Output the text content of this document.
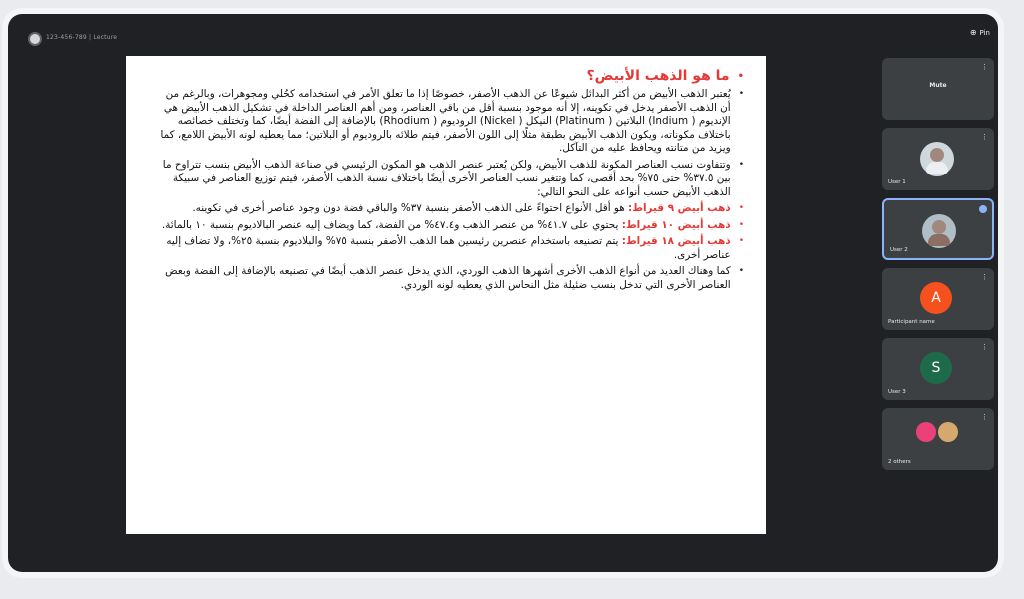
123-456-789 | Lecture
⊕ Pin
•
ما هو الذهب الأبيض؟
•
يُعتبر الذهب الأبيض من أكثر البدائل شيوعًا عن الذهب الأصفر، خصوصًا إذا ما تعلق الأمر في استخدامه كحُلي ومجوهرات، وبالرغم من أن الذهب الأصفر يدخل في تكوينه، إلا أنه موجود بنسبة أقل من باقي العناصر، ومن أهم العناصر الداخلة في تشكيل الذهب الأبيض هي الإنديوم ( Indium) البلاتين ( Platinum) النيكل ( Nickel) الروديوم ( Rhodium) بالإضافة إلى الفضة أيضًا، كما وتختلف خصائصه باختلاف مكوناته، ويكون الذهب الأبيض بطبقة مثلًا إلى اللون الأصفر، فيتم طلائه بالروديوم أو البلاتين؛ مما يعطيه لونه الأبيض اللامع، كما ويزيد من متانته ويحافظ عليه من التآكل.
•
وتتفاوت نسب العناصر المكونة للذهب الأبيض، ولكن يُعتبر عنصر الذهب هو المكون الرئيسي في صناعة الذهب الأبيض بنسب تتراوح ما بين ٣٧.٥% حتى ٧٥% بحد أقصى، كما وتتغير نسب العناصر الأخرى أيضًا باختلاف نسبة الذهب الأصفر، فيتم توزيع العناصر في سبيكة الذهب الأبيض حسب أنواعه على النحو التالي:
•
ذهب أبيض ٩ قيراط: هو أقل الأنواع احتواءً على الذهب الأصفر بنسبة ٣٧% والباقي فضة دون وجود عناصر أخرى في تكوينه.
•
ذهب أبيض ١٠ قيراط: يحتوي على ٤١.٧% من عنصر الذهب و٤٧.٤% من الفضة، كما ويضاف إليه عنصر البالاديوم بنسبة ١٠ بالمائة.
•
ذهب أبيض ١٨ قيراط: يتم تصنيعه باستخدام عنصرين رئيسين هما الذهب الأصفر بنسبة ٧٥% والبلاديوم بنسبة ٢٥%، ولا تضاف إليه عناصر أخرى.
•
كما وهناك العديد من أنواع الذهب الأخرى أشهرها الذهب الوردي، الذي يدخل عنصر الذهب أيضًا في تصنيعه بالإضافة إلى الفضة وبعض العناصر الأخرى التي تدخل بنسب ضئيلة مثل النحاس الذي يعطيه لونه الوردي.
⋮
Mute
⋮
User 1
User 2
⋮
A
Participant name
⋮
S
User 3
⋮
2 others
